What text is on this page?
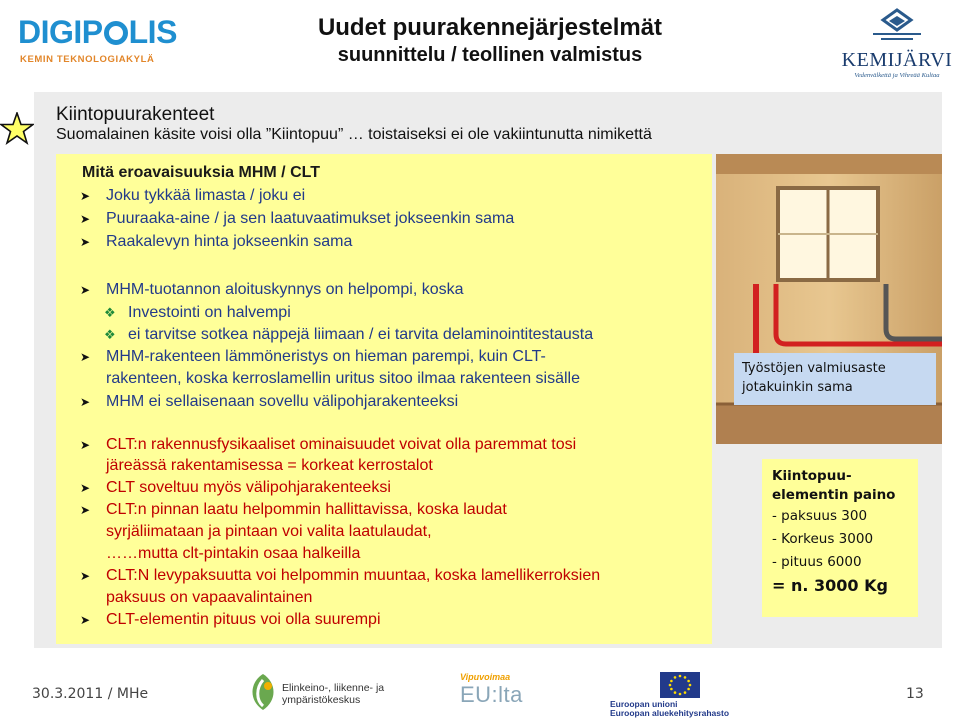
DIGIP LIS
KEMIN TEKNOLOGIAKYLÄ
Uudet puurakennejärjestelmät
suunnittelu / teollinen valmistus	KEMIJÄRVI
Vedenvälkettä ja Vihreää Kultaa
Kiintopuurakenteet
Suomalainen käsite voisi olla ”Kiintopuu” … toistaiseksi ei ole vakiintunutta nimikettä
Mitä eroavaisuuksia MHM / CLT
➤ Joku tykkää limasta / joku ei
➤ Puuraaka-aine / ja sen laatuvaatimukset jokseenkin sama
➤ Raakalevyn hinta jokseenkin sama
➤ MHM-tuotannon aloituskynnys on helpompi, koska
❖ Investointi on halvempi
❖ ei tarvitse sotkea näppejä liimaan / ei tarvita delaminointitestausta
➤ MHM-rakenteen lämmöneristys on hieman parempi, kuin CLT-
rakenteen, koska kerroslamellin uritus sitoo ilmaa rakenteen sisälle
➤ MHM ei sellaisenaan sovellu välipohjarakenteeksi
➤ CLT:n rakennusfysikaaliset ominaisuudet voivat olla paremmat tosi
järeässä rakentamisessa = korkeat kerrostalot
➤ CLT soveltuu myös välipohjarakenteeksi
➤ CLT:n pinnan laatu helpommin hallittavissa, koska laudat
syrjäliimataan ja pintaan voi valita laatulaudat,
……mutta clt-pintakin osaa halkeilla
➤ CLT:N levypaksuutta voi helpommin muuntaa, koska lamellikerroksien
paksuus on vapaavalintainen
➤ CLT-elementin pituus voi olla suurempi
Työstöjen valmiusaste
jotakuinkin sama
Kiintopuu-
elementin paino
- paksuus 300
- Korkeus 3000
- pituus 6000
= n. 3000 Kg
30.3.2011 / MHe	Elinkeino-, liikenne- ja
ympäristökeskus
Vipuvoimaa
EU:lta	Euroopan unioni
Euroopan aluekehitysrahasto
13
